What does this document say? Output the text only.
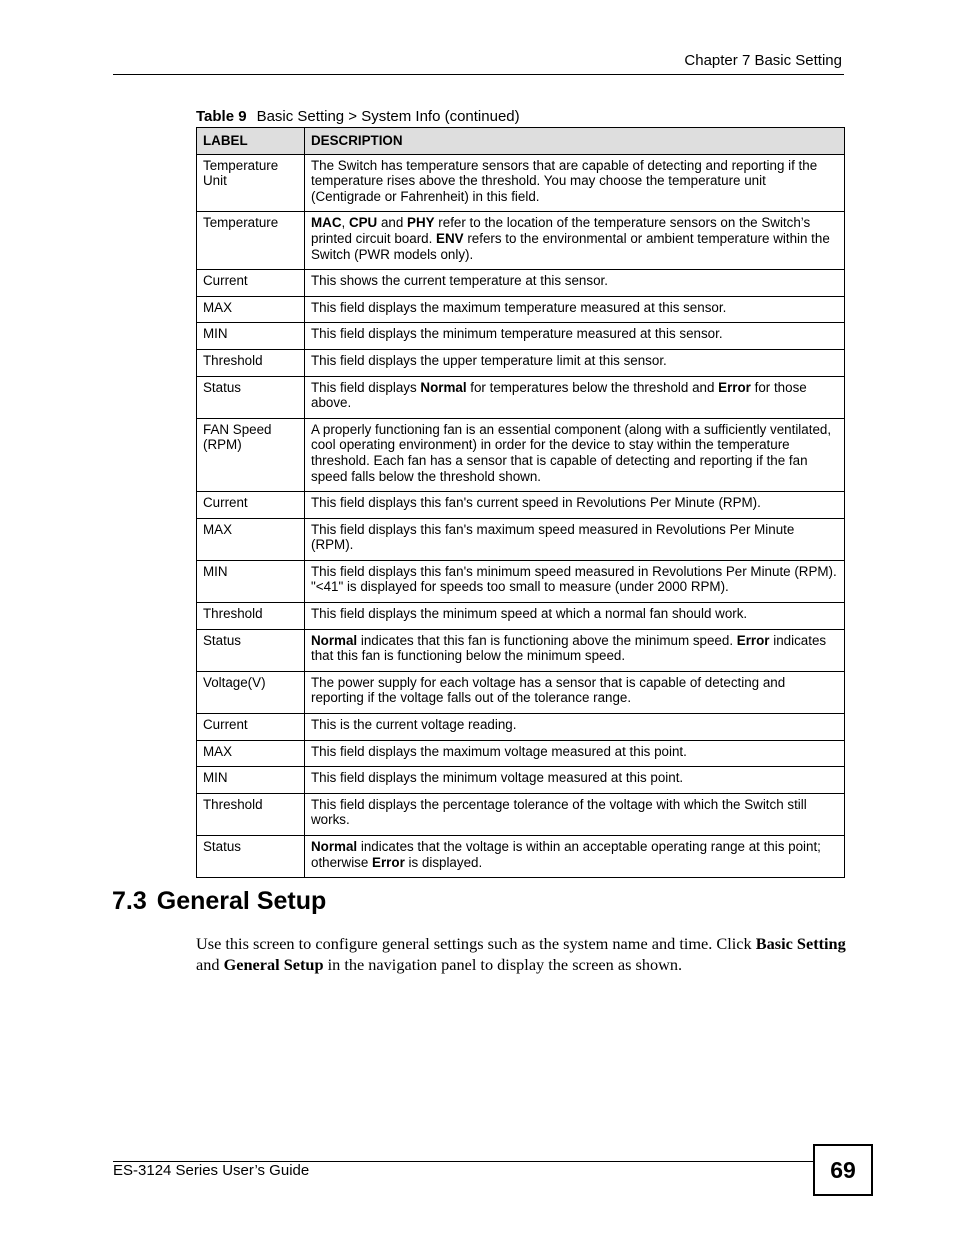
Chapter 7 Basic Setting
Table 9 Basic Setting > System Info (continued)
LABEL	DESCRIPTION
Temperature Unit	The Switch has temperature sensors that are capable of detecting and reporting if the temperature rises above the threshold. You may choose the temperature unit (Centigrade or Fahrenheit) in this field.
Temperature	MAC, CPU and PHY refer to the location of the temperature sensors on the Switch’s printed circuit board. ENV refers to the environmental or ambient temperature within the Switch (PWR models only).
Current	This shows the current temperature at this sensor.
MAX	This field displays the maximum temperature measured at this sensor.
MIN	This field displays the minimum temperature measured at this sensor.
Threshold	This field displays the upper temperature limit at this sensor.
Status	This field displays Normal for temperatures below the threshold and Error for those above.
FAN Speed (RPM)	A properly functioning fan is an essential component (along with a sufficiently ventilated, cool operating environment) in order for the device to stay within the temperature threshold. Each fan has a sensor that is capable of detecting and reporting if the fan speed falls below the threshold shown.
Current	This field displays this fan's current speed in Revolutions Per Minute (RPM).
MAX	This field displays this fan's maximum speed measured in Revolutions Per Minute (RPM).
MIN	This field displays this fan's minimum speed measured in Revolutions Per Minute (RPM). "<41" is displayed for speeds too small to measure (under 2000 RPM).
Threshold	This field displays the minimum speed at which a normal fan should work.
Status	Normal indicates that this fan is functioning above the minimum speed. Error indicates that this fan is functioning below the minimum speed.
Voltage(V)	The power supply for each voltage has a sensor that is capable of detecting and reporting if the voltage falls out of the tolerance range.
Current	This is the current voltage reading.
MAX	This field displays the maximum voltage measured at this point.
MIN	This field displays the minimum voltage measured at this point.
Threshold	This field displays the percentage tolerance of the voltage with which the Switch still works.
Status	Normal indicates that the voltage is within an acceptable operating range at this point; otherwise Error is displayed.
7.3 General Setup

Use this screen to configure general settings such as the system name and time. Click Basic Setting and General Setup in the navigation panel to display the screen as shown.

ES-3124 Series User’s Guide	69
